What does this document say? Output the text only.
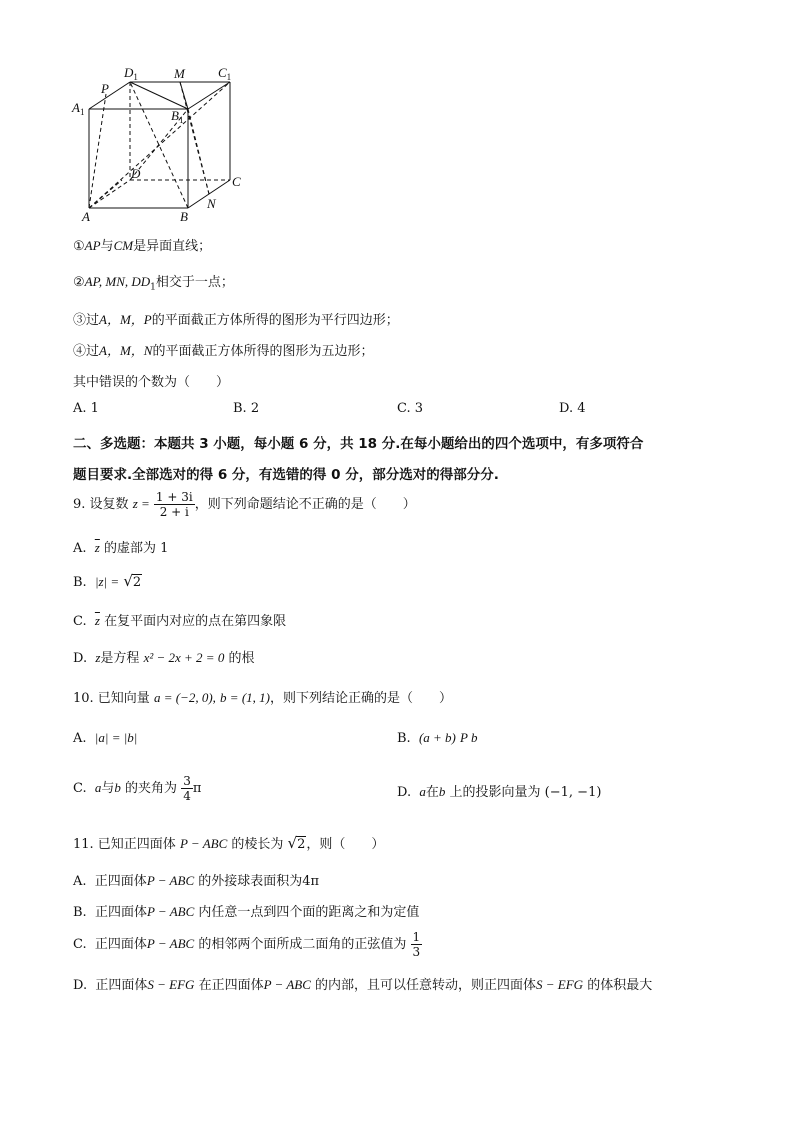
$D_1$	M	$C_1$
$A_1$
P
$B_1$
D
C
A	B
N
①AP与CM是异面直线；
②AP, MN, $DD_1$相交于一点；
③过A，M，P的平面截正方体所得的图形为平行四边形；
④过A，M，N的平面截正方体所得的图形为五边形；
其中错误的个数为（　　）
A. 1	B. 2	C. 3	D. 4
二、多选题：本题共 3 小题，每小题 6 分，共 18 分.在每小题给出的四个选项中，有多项符合
题目要求.全部选对的得 6 分，有选错的得 0 分，部分选对的得部分分.
9. 设复数 $z = \frac{1 + 3i}{2 + i}$ ，则下列命题结论不正确的是（　　）
A. $\overline{z}$ 的虚部为 1
B. |z| = √2
C. $\overline{z}$ 在复平面内对应的点在第四象限
D. z是方程 x² − 2x + 2 = 0 的根
10. 已知向量 a = (−2, 0), b = (1, 1)，则下列结论正确的是（　　）
A. |a| = |b|	B. (a + b) P b
C. a与b 的夹角为 $\frac{3}{4}$ π	D. a在b 上的投影向量为 (−1, −1)
11. 已知正四面体 P − ABC 的棱长为 √2，则（　　）
A. 正四面体P − ABC 的外接球表面积为4π
B. 正四面体P − ABC 内任意一点到四个面的距离之和为定值
C. 正四面体P − ABC 的相邻两个面所成二面角的正弦值为 $\frac{1}{3}$
D. 正四面体S − EFG 在正四面体P − ABC 的内部，且可以任意转动，则正四面体S − EFG 的体积最大
